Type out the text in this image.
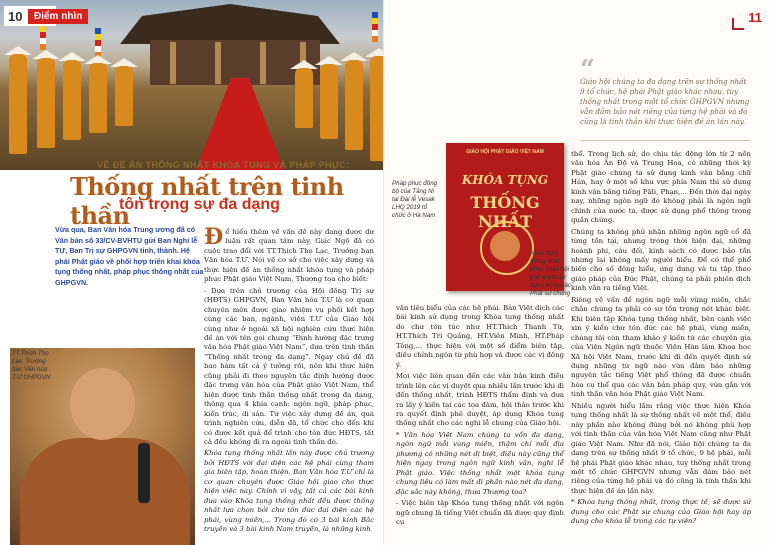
10	Điểm nhìn
VỀ ĐỀ ÁN THỐNG NHẤT KHÓA TỤNG VÀ PHÁP PHỤC:
Thống nhất trên tinh thần
tôn trọng sự đa dạng
Vừa qua, Ban Văn hóa Trung ương đã có Văn bản số 33/CV-BVHTU gửi Ban Nghi lễ TƯ, Ban Trị sự GHPGVN tỉnh, thành. Hệ phái Phật giáo về phối hợp triển khai khóa tụng thống nhất, pháp phục thống nhất của GHPGVN.
TT.Thích Thọ Lạc, Trưởng ban Văn hóa T.Ư GHPGVN

Để hiểu thêm về vấn đề này đang được dư luận rất quan tâm này, Giác Ngộ đã có cuộc trao đổi với TT.Thích Thọ Lạc, Trưởng ban Văn hóa T.Ư. Nói về cơ sở cho việc xây dựng và thực hiện đề án thống nhất khóa tụng và pháp phục Phật giáo Việt Nam, Thượng tọa cho biết:

- Dựa trên chủ trương của Hội đồng Trị sự (HĐTS) GHPGVN, Ban Văn hóa T.Ư là cơ quan chuyên môn được giao nhiệm vụ phối kết hợp cùng các ban, ngành, viện T.Ư của Giáo hội cùng như ở ngoài xã hội nghiên cứu thực hiện đề án với tên gọi chung “Định hướng đặc trưng văn hóa Phật giáo Việt Nam”, dựa trên tinh thần “Thống nhất trong đa dạng”. Ngay chủ đề đã bao hàm tất cả ý tưởng rồi, nên khi thực hiện cũng phải đi theo nguyên tắc định hướng được đặc trưng văn hóa của Phật giáo Việt Nam, thể hiện được tinh thần thống nhất trong đa dạng, thông qua 4 khía cạnh: ngôn ngữ, pháp phục, kiến trúc, di sản. Từ việc xây dựng đề án, quá trình nghiên cứu, diễn đã, tổ chức cho đến khi có được kết quả để trình cho tôn đức HĐTS, tất cả đều không đi ra ngoài tinh thần đó.

Khóa tụng thống nhất lần này được chủ trương bởi HĐTS với đại diện các hệ phái cùng tham gia biên tập, hoàn thiện. Ban Văn hóa T.Ư chỉ là cơ quan chuyên được Giáo hội giao cho thực hiện việc này. Chính vì vậy, tất cả các bài kinh đưa vào Khóa tụng thống nhất đều được thống nhất lựa chọn bởi chư tôn đức đại diện các hệ phái, vùng miền,... Trong đó có 3 bài kinh Bắc truyền và 3 bài kinh Nam truyền, là những kinh

11
“
Giáo hội chúng ta đa dạng trên sự thống nhất 9 tổ chức, hệ phái Phật giáo khác nhau, tuy thống nhất trong một tổ chức GHPGVN nhưng vẫn đảm bảo nét riêng của từng hệ phái và đó cũng là tinh thần khi thực hiện đề án lần này.
Pháp phục đồng bộ của Tăng Ni tại Đại lễ Vesak LHQ 2019 tổ chức ở Hà Nam
GIÁO HỘI PHẬT GIÁO VIỆT NAM
KHÓA TỤNG
THỐNG NHẤT
Khóa tụng thống nhất được Giáo hội phê duyệt sử dụng trong các Phật sự chung

văn tiêu biểu của các hệ phái. Bản Việt dịch các bài kinh sử dụng trong Khóa tụng thống nhất do chư tôn túc như HT.Thích Thanh Từ, HT.Thích Trí Quảng, HT.Viên Minh, HT.Pháp Tông,... thực hiện với một số điểm biên tập, điều chỉnh ngôn từ phù hợp và được các vị đồng ý.

Mọi việc liên quan đến các văn bản kinh điều trình lên các vị duyệt qua nhiều lần trước khi đi đến thống nhất, trình HĐTS thẩm định và đưa ra lấy ý kiến tại các tọa đàm, hội thảo trước khi ra quyết định phê duyệt, áp dụng Khóa tụng thống nhất cho các nghi lễ chung của Giáo hội.

* Văn hóa Việt Nam chúng ta vốn đa dạng, ngôn ngữ mỗi vùng miền, thậm chí mỗi địa phương có những nét dị biệt, điều này cũng thể hiện ngay trong ngôn ngữ kinh văn, nghi lễ Phật giáo. Việc thống nhất một khóa tụng chung liệu có làm mất đi phần nào nét đa dạng, đặc sắc này không, thưa Thượng tọa?

- Việc biên tập Khóa tụng thống nhất với ngôn ngữ chung là tiếng Việt chuẩn đã được quy định cụ

thể. Trong lịch sử, do chịu tác động lớn từ 2 nền văn hóa Ấn Độ và Trung Hoa, có những thời kỳ Phật giáo chúng ta sử dụng kinh văn bằng chữ Hán, hay ở một số khu vực phía Nam thì sử dụng kinh văn bằng tiếng Pāli, Phạn,... Đến thời đại ngày nay, những ngôn ngữ đó không phải là ngôn ngữ chính của nước ta, được sử dụng phổ thông trong quần chúng.

Chúng ta không phủ nhận những ngôn ngữ cổ đã từng tồn tại, nhưng trong thời hiện đại, những hoành phi, câu đối, kinh sách có được bảo tồn nhưng lại không mấy người hiểu. Để có thể phổ biến cho số đông hiểu, ứng dụng và tu tập theo giáo pháp của Đức Phật, chúng ta phải phiên dịch kinh văn ra tiếng Việt.

Riêng về vấn đề ngôn ngữ mỗi vùng miền, chắc chắn chúng ta phải có sự tồn trọng nét khác biệt. Khi biên tập Khóa tụng thống nhất, bên cạnh việc xin ý kiến chư tôn đức các hệ phái, vùng miền, chúng tôi còn tham khảo ý kiến từ các chuyên gia của Viện Ngôn ngữ thuộc Viện Hàn lâm Khoa học Xã hội Việt Nam, trước khi đi đến quyết định sử dụng những từ ngữ nào vừa đảm bảo những nguyên tắc tiếng Việt phổ thông đã được chuẩn hóa cụ thể qua các văn bản pháp quy, vừa gắn với tinh thần văn hóa Phật giáo Việt Nam.

Nhiều người hiểu lầm rằng việc thực hiện Khóa tụng thống nhất là sự thống nhất về một thể, điều này phần nào không đúng bởi nó không phù hợp với tinh thần của văn hóa Việt Nam cũng như Phật giáo Việt Nam. Như đã nói, Giáo hội chúng ta đa dạng trên sự thống nhất 9 tổ chức, 9 hệ phái, mỗi hệ phái Phật giáo khác nhau, tuy thống nhất trong một tổ chức GHPGVN nhưng vẫn đảm bảo nét riêng của từng hệ phái và đó cũng là tinh thần khi thực hiện đề án lần này.

* Khóa tụng thống nhất, trong thực tế, sẽ được sử dụng cho các Phật sự chung của Giáo hội hay áp dụng cho khóa lễ trong các tự viện?
